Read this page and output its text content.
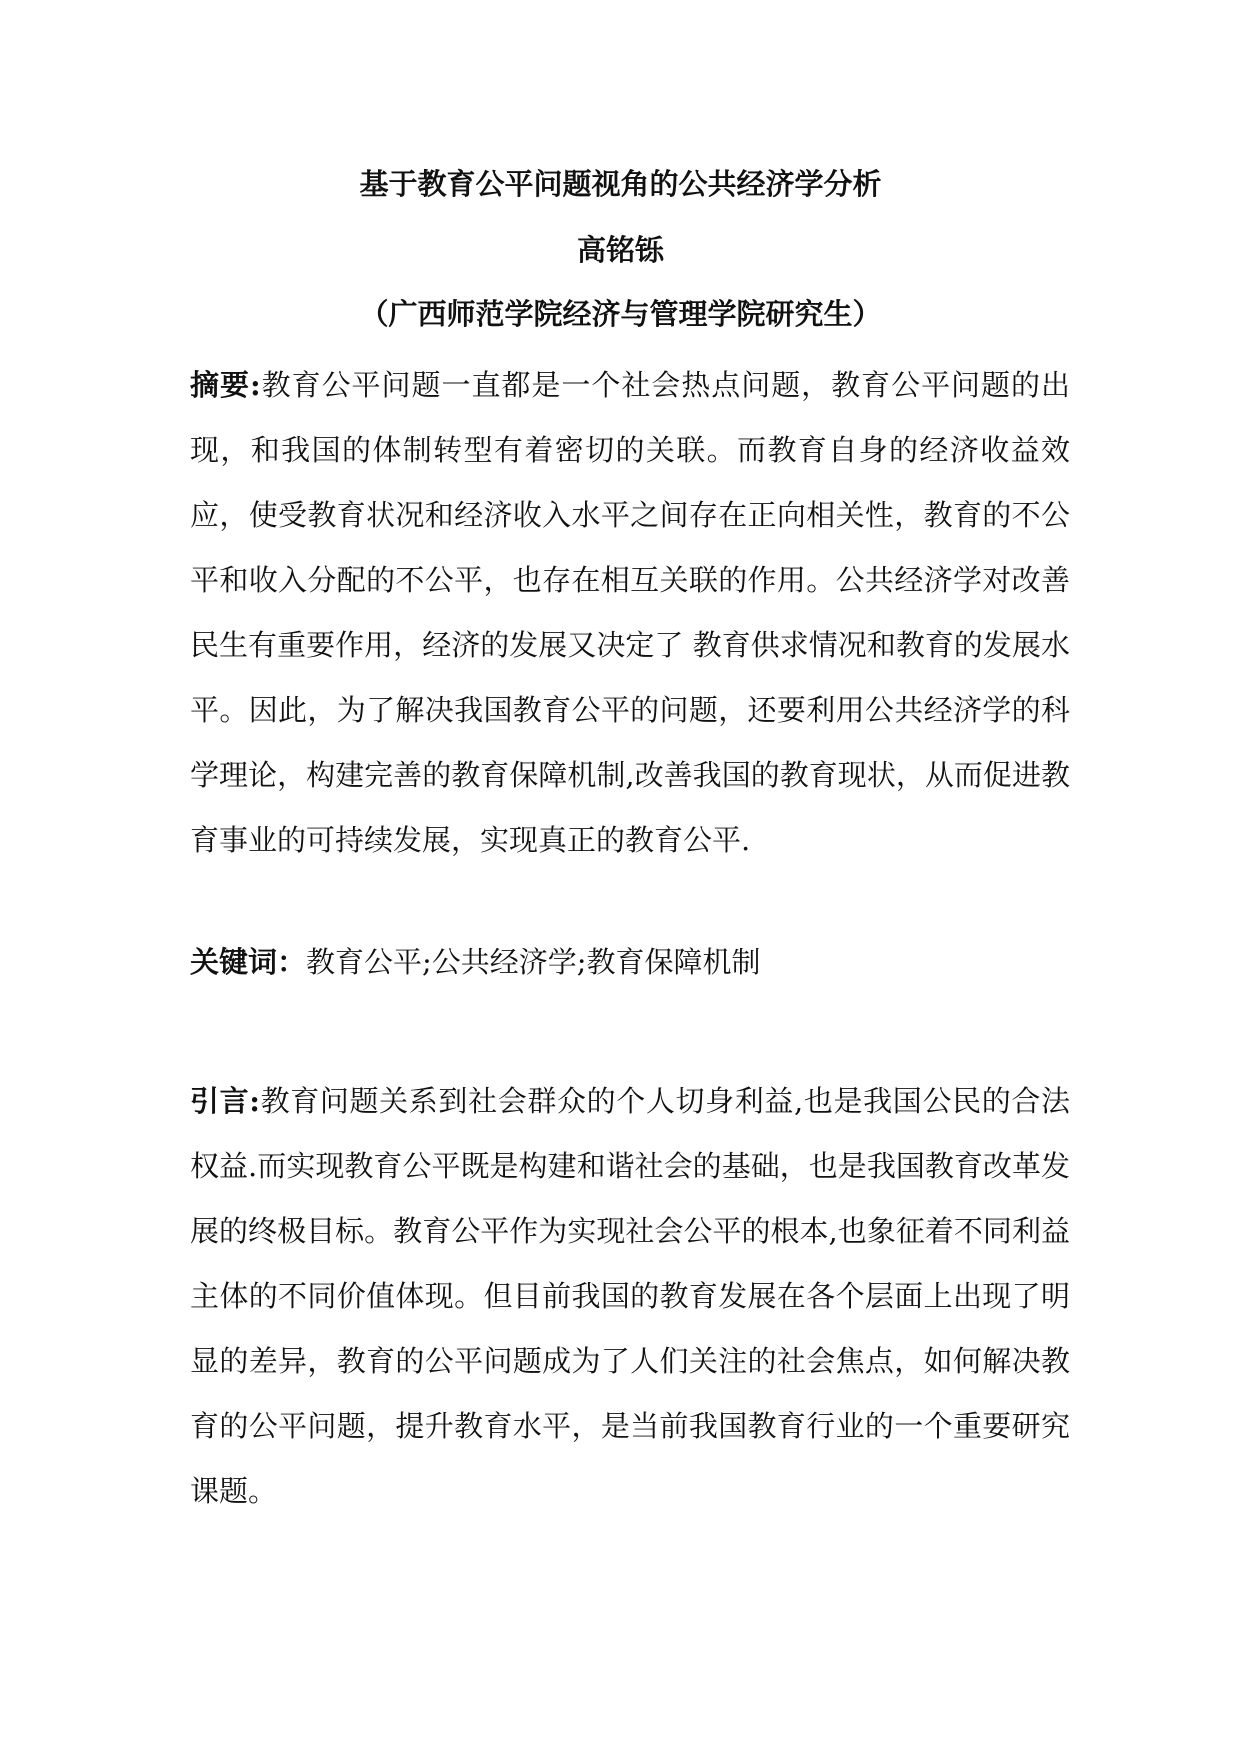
基于教育公平问题视角的公共经济学分析
高铭铄
（广西师范学院经济与管理学院研究生）
摘要:教育公平问题一直都是一个社会热点问题，教育公平问题的出现，和我国的体制转型有着密切的关联。而教育自身的经济收益效应，使受教育状况和经济收入水平之间存在正向相关性，教育的不公平和收入分配的不公平，也存在相互关联的作用。公共经济学对改善民生有重要作用，经济的发展又决定了 教育供求情况和教育的发展水平。因此，为了解决我国教育公平的问题，还要利用公共经济学的科学理论，构建完善的教育保障机制,改善我国的教育现状，从而促进教育事业的可持续发展，实现真正的教育公平.
关键词：教育公平;公共经济学;教育保障机制
引言:教育问题关系到社会群众的个人切身利益,也是我国公民的合法权益.而实现教育公平既是构建和谐社会的基础，也是我国教育改革发展的终极目标。教育公平作为实现社会公平的根本,也象征着不同利益主体的不同价值体现。但目前我国的教育发展在各个层面上出现了明显的差异，教育的公平问题成为了人们关注的社会焦点，如何解决教育的公平问题，提升教育水平，是当前我国教育行业的一个重要研究课题。
